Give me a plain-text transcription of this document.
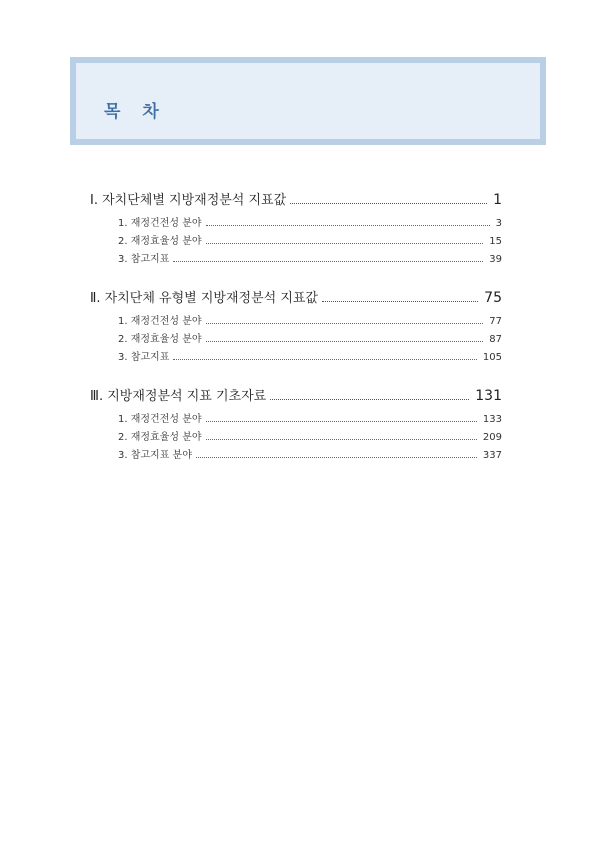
목 차
Ⅰ. 자치단체별 지방재정분석 지표값	1
1. 재정건전성 분야	3
2. 재정효율성 분야	15
3. 참고지표	39
Ⅱ. 자치단체 유형별 지방재정분석 지표값	75
1. 재정건전성 분야	77
2. 재정효율성 분야	87
3. 참고지표	105
Ⅲ. 지방재정분석 지표 기초자료	131
1. 재정건전성 분야	133
2. 재정효율성 분야	209
3. 참고지표 분야	337
